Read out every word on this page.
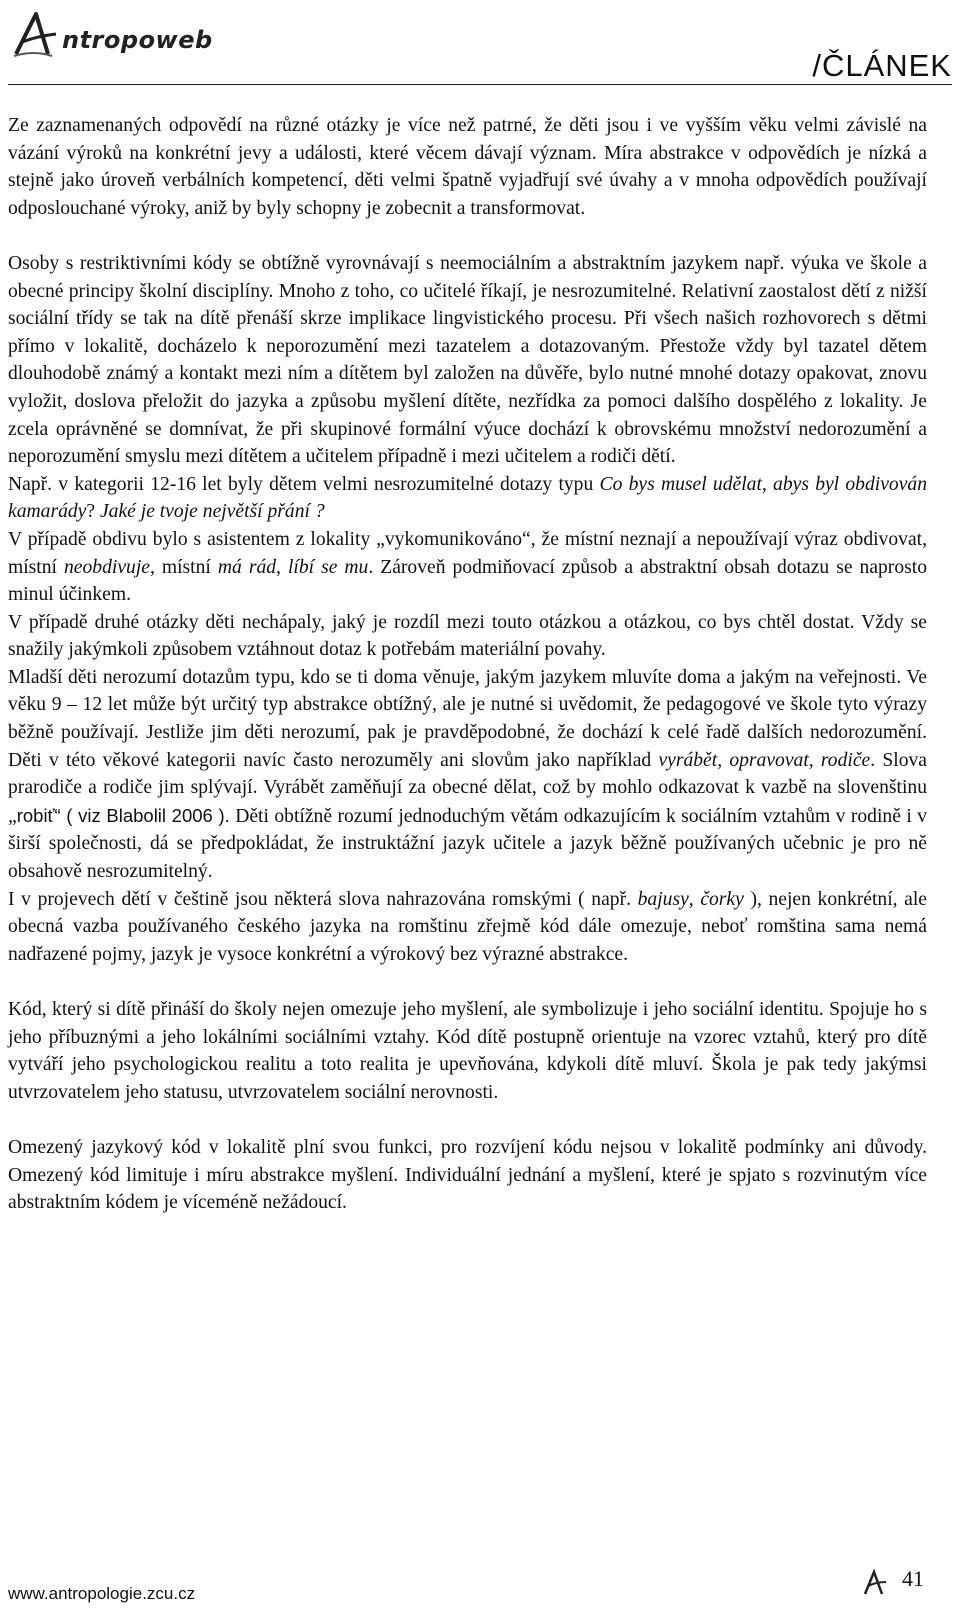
ntropoweb
/ČLÁNEK

Ze zaznamenaných odpovědí na různé otázky je více než patrné, že děti jsou i ve vyšším věku velmi závislé na vázání výroků na konkrétní jevy a události, které věcem dávají význam. Míra abstrakce v odpovědích je nízká a stejně jako úroveň verbálních kompetencí, děti velmi špatně vyjadřují své úvahy a v mnoha odpovědích používají odposlouchané výroky, aniž by byly schopny je zobecnit a transformovat.

Osoby s restriktivními kódy se obtížně vyrovnávají s neemociálním a abstraktním jazykem např. výuka ve škole a obecné principy školní disciplíny. Mnoho z toho, co učitelé říkají, je nesrozumitelné. Relativní zaostalost dětí z nižší sociální třídy se tak na dítě přenáší skrze implikace lingvistického procesu. Při všech našich rozhovorech s dětmi přímo v lokalitě, docházelo k neporozumění mezi tazatelem a dotazovaným. Přestože vždy byl tazatel dětem dlouhodobě známý a kontakt mezi ním a dítětem byl založen na důvěře, bylo nutné mnohé dotazy opakovat, znovu vyložit, doslova přeložit do jazyka a způsobu myšlení dítěte, nezřídka za pomoci dalšího dospělého z lokality. Je zcela oprávněné se domnívat, že při skupinové formální výuce dochází k obrovskému množství nedorozumění a neporozumění smyslu mezi dítětem a učitelem případně i mezi učitelem a rodiči dětí.

Např. v kategorii 12-16 let byly dětem velmi nesrozumitelné dotazy typu Co bys musel udělat, abys byl obdivován kamarády? Jaké je tvoje největší přání ?

V případě obdivu bylo s asistentem z lokality „vykomunikováno“, že místní neznají a nepoužívají výraz obdivovat, místní neobdivuje, místní má rád, líbí se mu. Zároveň podmiňovací způsob a abstraktní obsah dotazu se naprosto minul účinkem.

V případě druhé otázky děti nechápaly, jaký je rozdíl mezi touto otázkou a otázkou, co bys chtěl dostat. Vždy se snažily jakýmkoli způsobem vztáhnout dotaz k potřebám materiální povahy.

Mladší děti nerozumí dotazům typu, kdo se ti doma věnuje, jakým jazykem mluvíte doma a jakým na veřejnosti. Ve věku 9 – 12 let může být určitý typ abstrakce obtížný, ale je nutné si uvědomit, že pedagogové ve škole tyto výrazy běžně používají. Jestliže jim děti nerozumí, pak je pravděpodobné, že dochází k celé řadě dalších nedorozumění. Děti v této věkové kategorii navíc často nerozuměly ani slovům jako například vyrábět, opravovat, rodiče. Slova prarodiče a rodiče jim splývají. Vyrábět zaměňují za obecné dělat, což by mohlo odkazovat k vazbě na slovenštinu „robiť“ ( viz Blabolil 2006 ). Děti obtížně rozumí jednoduchým větám odkazujícím k sociálním vztahům v rodině i v širší společnosti, dá se předpokládat, že instruktážní jazyk učitele a jazyk běžně používaných učebnic je pro ně obsahově nesrozumitelný.

I v projevech dětí v češtině jsou některá slova nahrazována romskými ( např. bajusy, čorky ), nejen konkrétní, ale obecná vazba používaného českého jazyka na romštinu zřejmě kód dále omezuje, neboť romština sama nemá nadřazené pojmy, jazyk je vysoce konkrétní a výrokový bez výrazné abstrakce.

Kód, který si dítě přináší do školy nejen omezuje jeho myšlení, ale symbolizuje i jeho sociální identitu. Spojuje ho s jeho příbuznými a jeho lokálními sociálními vztahy. Kód dítě postupně orientuje na vzorec vztahů, který pro dítě vytváří jeho psychologickou realitu a toto realita je upevňována, kdykoli dítě mluví. Škola je pak tedy jakýmsi utvrzovatelem jeho statusu, utvrzovatelem sociální nerovnosti.

Omezený jazykový kód v lokalitě plní svou funkci, pro rozvíjení kódu nejsou v lokalitě podmínky ani důvody. Omezený kód limituje i míru abstrakce myšlení. Individuální jednání a myšlení, které je spjato s rozvinutým více abstraktním kódem je víceméně nežádoucí.

www.antropologie.zcu.cz
41
